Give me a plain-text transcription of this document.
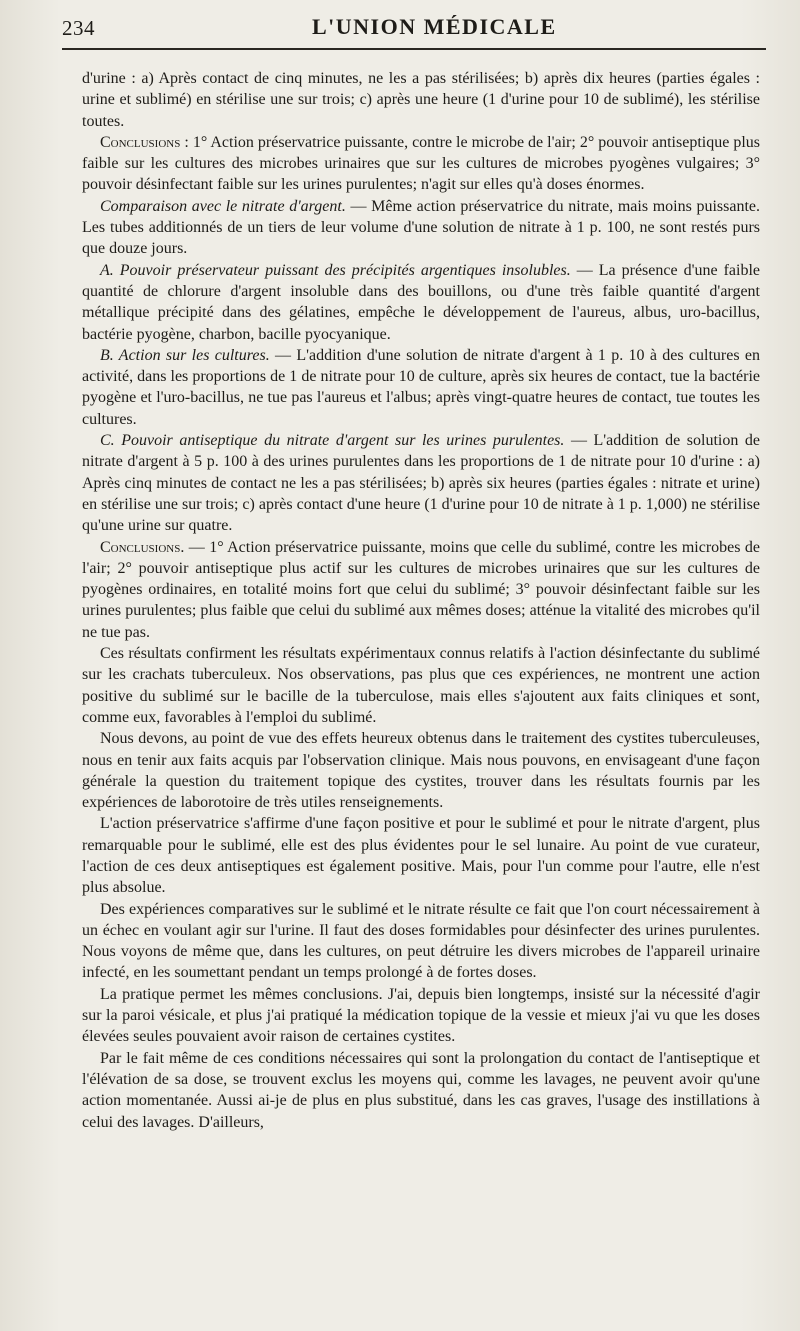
234	L'UNION MÉDICALE

d'urine : a) Après contact de cinq minutes, ne les a pas stérilisées; b) après dix heures (parties égales : urine et sublimé) en stérilise une sur trois; c) après une heure (1 d'urine pour 10 de sublimé), les stérilise toutes.

Conclusions : 1° Action préservatrice puissante, contre le microbe de l'air; 2° pouvoir antiseptique plus faible sur les cultures des microbes urinaires que sur les cultures de microbes pyogènes vulgaires; 3° pouvoir désinfectant faible sur les urines purulentes; n'agit sur elles qu'à doses énormes.

Comparaison avec le nitrate d'argent. — Même action préservatrice du nitrate, mais moins puissante. Les tubes additionnés de un tiers de leur volume d'une solution de nitrate à 1 p. 100, ne sont restés purs que douze jours.

A. Pouvoir préservateur puissant des précipités argentiques insolubles. — La présence d'une faible quantité de chlorure d'argent insoluble dans des bouillons, ou d'une très faible quantité d'argent métallique précipité dans des gélatines, empêche le développement de l'aureus, albus, uro-bacillus, bactérie pyogène, charbon, bacille pyocyanique.

B. Action sur les cultures. — L'addition d'une solution de nitrate d'argent à 1 p. 10 à des cultures en activité, dans les proportions de 1 de nitrate pour 10 de culture, après six heures de contact, tue la bactérie pyogène et l'uro-bacillus, ne tue pas l'aureus et l'albus; après vingt-quatre heures de contact, tue toutes les cultures.

C. Pouvoir antiseptique du nitrate d'argent sur les urines purulentes. — L'addition de solution de nitrate d'argent à 5 p. 100 à des urines purulentes dans les proportions de 1 de nitrate pour 10 d'urine : a) Après cinq minutes de contact ne les a pas stérilisées; b) après six heures (parties égales : nitrate et urine) en stérilise une sur trois; c) après contact d'une heure (1 d'urine pour 10 de nitrate à 1 p. 1,000) ne stérilise qu'une urine sur quatre.

Conclusions. — 1° Action préservatrice puissante, moins que celle du sublimé, contre les microbes de l'air; 2° pouvoir antiseptique plus actif sur les cultures de microbes urinaires que sur les cultures de pyogènes ordinaires, en totalité moins fort que celui du sublimé; 3° pouvoir désinfectant faible sur les urines purulentes; plus faible que celui du sublimé aux mêmes doses; atténue la vitalité des microbes qu'il ne tue pas.

Ces résultats confirment les résultats expérimentaux connus relatifs à l'action désinfectante du sublimé sur les crachats tuberculeux. Nos observations, pas plus que ces expériences, ne montrent une action positive du sublimé sur le bacille de la tuberculose, mais elles s'ajoutent aux faits cliniques et sont, comme eux, favorables à l'emploi du sublimé.

Nous devons, au point de vue des effets heureux obtenus dans le traitement des cystites tuberculeuses, nous en tenir aux faits acquis par l'observation clinique. Mais nous pouvons, en envisageant d'une façon générale la question du traitement topique des cystites, trouver dans les résultats fournis par les expériences de laborotoire de très utiles renseignements.

L'action préservatrice s'affirme d'une façon positive et pour le sublimé et pour le nitrate d'argent, plus remarquable pour le sublimé, elle est des plus évidentes pour le sel lunaire. Au point de vue curateur, l'action de ces deux antiseptiques est également positive. Mais, pour l'un comme pour l'autre, elle n'est plus absolue.

Des expériences comparatives sur le sublimé et le nitrate résulte ce fait que l'on court nécessairement à un échec en voulant agir sur l'urine. Il faut des doses formidables pour désinfecter des urines purulentes. Nous voyons de même que, dans les cultures, on peut détruire les divers microbes de l'appareil urinaire infecté, en les soumettant pendant un temps prolongé à de fortes doses.

La pratique permet les mêmes conclusions. J'ai, depuis bien longtemps, insisté sur la nécessité d'agir sur la paroi vésicale, et plus j'ai pratiqué la médication topique de la vessie et mieux j'ai vu que les doses élevées seules pouvaient avoir raison de certaines cystites.

Par le fait même de ces conditions nécessaires qui sont la prolongation du contact de l'antiseptique et l'élévation de sa dose, se trouvent exclus les moyens qui, comme les lavages, ne peuvent avoir qu'une action momentanée. Aussi ai-je de plus en plus substitué, dans les cas graves, l'usage des instillations à celui des lavages. D'ailleurs,
